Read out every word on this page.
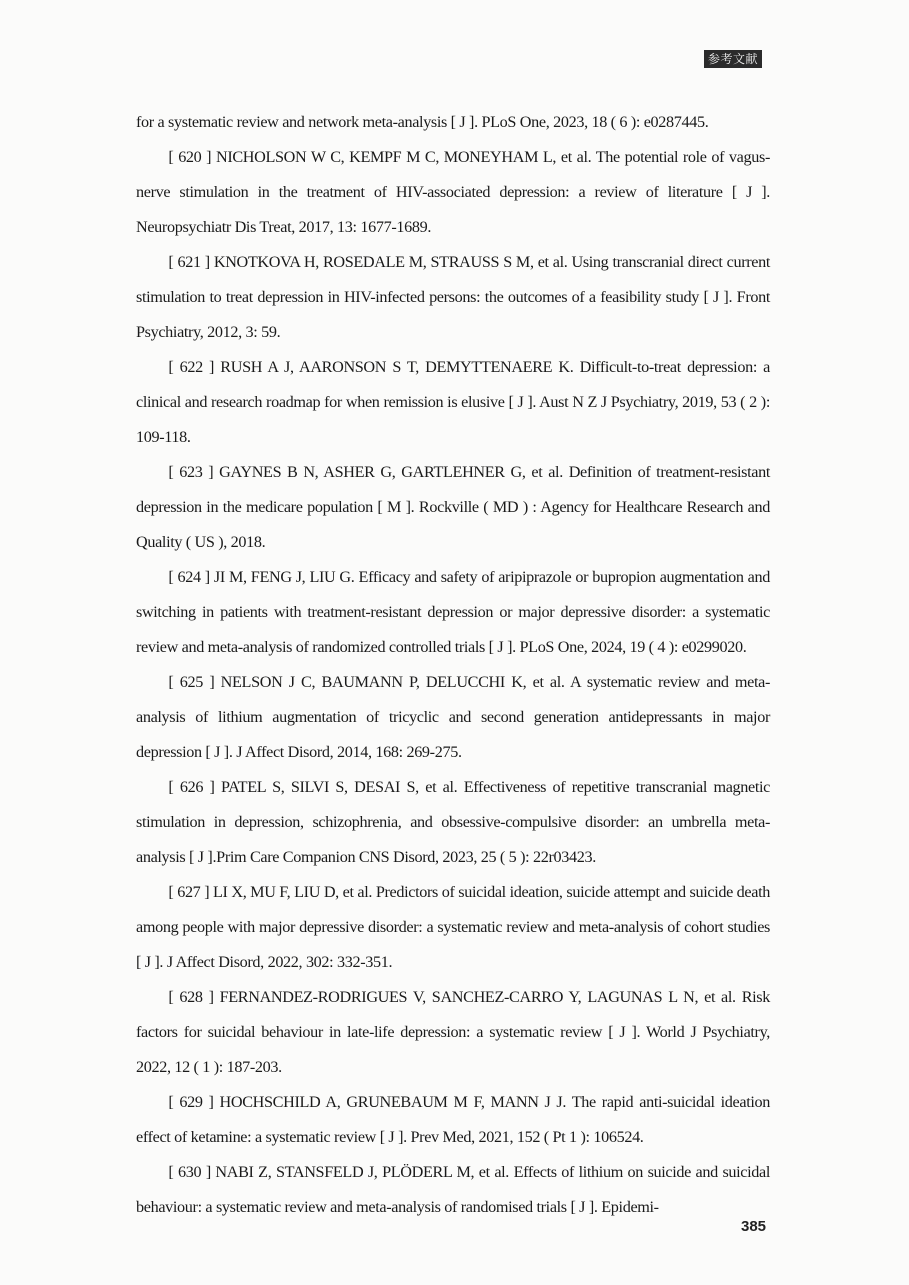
参考文献

for a systematic review and network meta-analysis [ J ]. PLoS One, 2023, 18 ( 6 ): e0287445.

[ 620 ] NICHOLSON W C, KEMPF M C, MONEYHAM L, et al. The potential role of vagus-nerve stimulation in the treatment of HIV-associated depression: a review of literature [ J ]. Neuropsychiatr Dis Treat, 2017, 13: 1677-1689.

[ 621 ] KNOTKOVA H, ROSEDALE M, STRAUSS S M, et al. Using transcranial direct current stimulation to treat depression in HIV-infected persons: the outcomes of a feasibility study [ J ]. Front Psychiatry, 2012, 3: 59.

[ 622 ] RUSH A J, AARONSON S T, DEMYTTENAERE K. Difficult-to-treat depression: a clinical and research roadmap for when remission is elusive [ J ]. Aust N Z J Psychiatry, 2019, 53 ( 2 ): 109-118.

[ 623 ] GAYNES B N, ASHER G, GARTLEHNER G, et al. Definition of treatment-resistant depression in the medicare population [ M ]. Rockville ( MD ) : Agency for Healthcare Research and Quality ( US ), 2018.

[ 624 ] JI M, FENG J, LIU G. Efficacy and safety of aripiprazole or bupropion augmentation and switching in patients with treatment-resistant depression or major depressive disorder: a systematic review and meta-analysis of randomized controlled trials [ J ]. PLoS One, 2024, 19 ( 4 ): e0299020.

[ 625 ] NELSON J C, BAUMANN P, DELUCCHI K, et al. A systematic review and meta-analysis of lithium augmentation of tricyclic and second generation antidepressants in major depression [ J ]. J Affect Disord, 2014, 168: 269-275.

[ 626 ] PATEL S, SILVI S, DESAI S, et al. Effectiveness of repetitive transcranial magnetic stimulation in depression, schizophrenia, and obsessive-compulsive disorder: an umbrella meta-analysis [ J ].Prim Care Companion CNS Disord, 2023, 25 ( 5 ): 22r03423.

[ 627 ] LI X, MU F, LIU D, et al. Predictors of suicidal ideation, suicide attempt and suicide death among people with major depressive disorder: a systematic review and meta-analysis of cohort studies [ J ]. J Affect Disord, 2022, 302: 332-351.

[ 628 ] FERNANDEZ-RODRIGUES V, SANCHEZ-CARRO Y, LAGUNAS L N, et al. Risk factors for suicidal behaviour in late-life depression: a systematic review [ J ]. World J Psychiatry, 2022, 12 ( 1 ): 187-203.

[ 629 ] HOCHSCHILD A, GRUNEBAUM M F, MANN J J. The rapid anti-suicidal ideation effect of ketamine: a systematic review [ J ]. Prev Med, 2021, 152 ( Pt 1 ): 106524.

[ 630 ] NABI Z, STANSFELD J, PLÖDERL M, et al. Effects of lithium on suicide and suicidal behaviour: a systematic review and meta-analysis of randomised trials [ J ]. Epidemi-

385
